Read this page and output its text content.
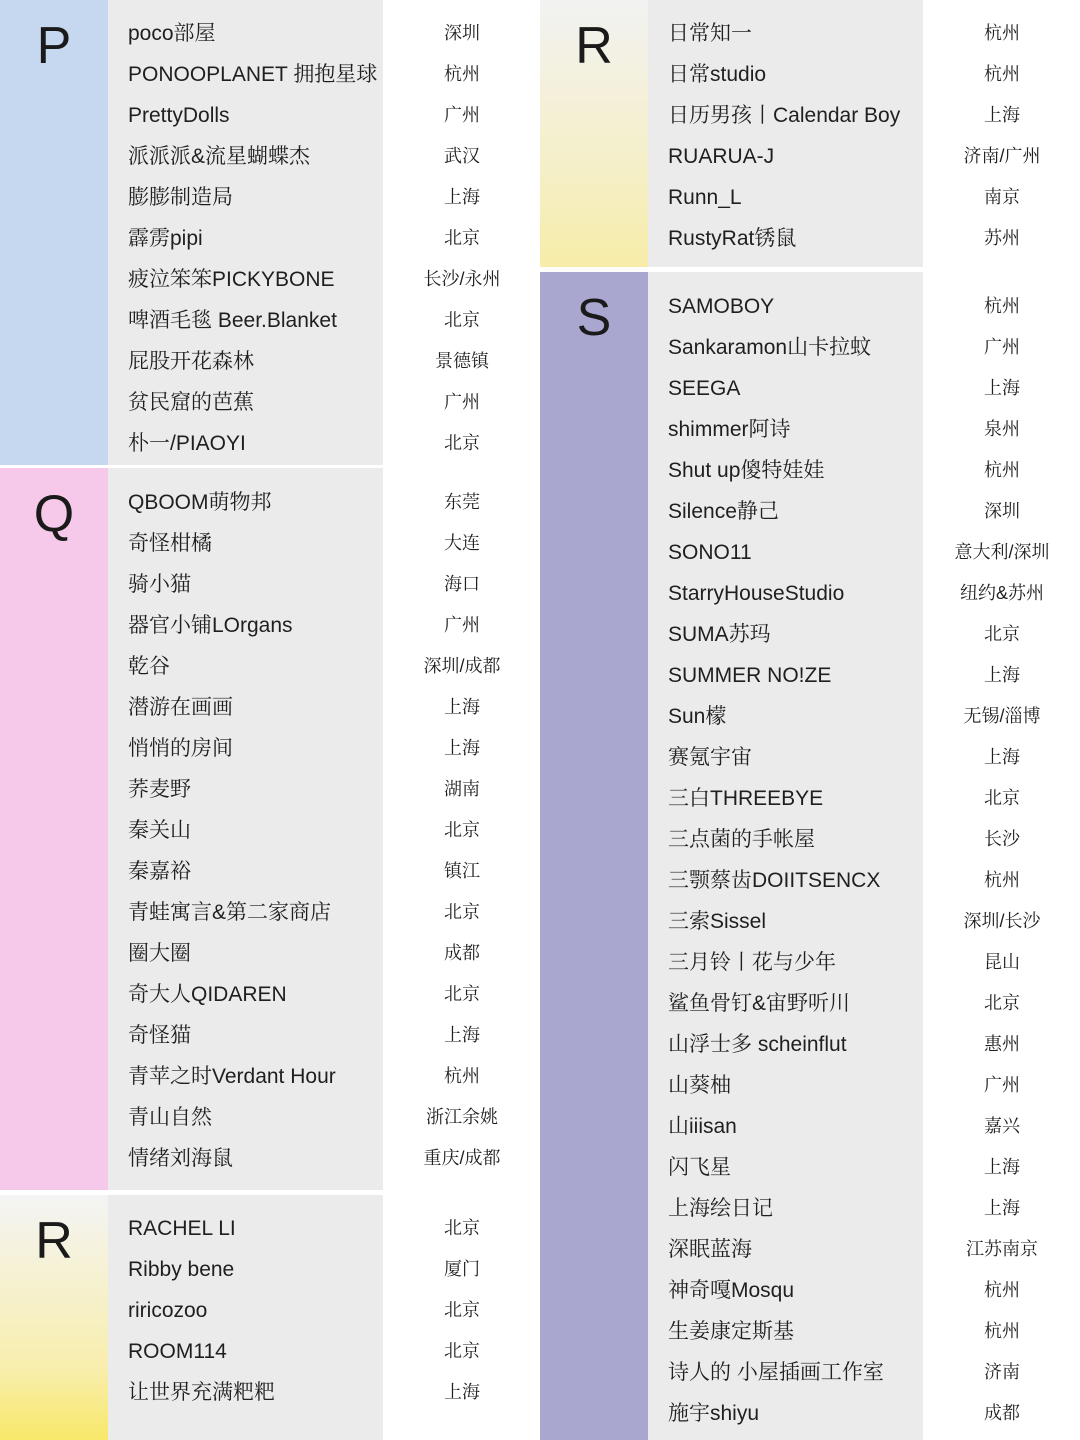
P	poco部屋	深圳
PONOOPLANET 拥抱星球	杭州
PrettyDolls	广州
派派派&流星蝴蝶杰	武汉
膨膨制造局	上海
霹雳pipi	北京
疲泣笨笨PICKYBONE	长沙/永州
啤酒毛毯 Beer.Blanket	北京
屁股开花森林	景德镇
贫民窟的芭蕉	广州
朴一/PIAOYI	北京
Q	QBOOM萌物邦	东莞
奇怪柑橘	大连
骑小猫	海口
器官小铺LOrgans	广州
乾谷	深圳/成都
潜游在画画	上海
悄悄的房间	上海
荞麦野	湖南
秦关山	北京
秦嘉裕	镇江
青蛙寓言&第二家商店	北京
圈大圈	成都
奇大人QIDAREN	北京
奇怪猫	上海
青苹之时Verdant Hour	杭州
青山自然	浙江余姚
情绪刘海鼠	重庆/成都
R	RACHEL LI	北京
Ribby bene	厦门
riricozoo	北京
ROOM114	北京
让世界充满粑粑	上海
R	日常知一	杭州
日常studio	杭州
日历男孩丨Calendar Boy	上海
RUARUA-J	济南/广州
Runn_L	南京
RustyRat锈鼠	苏州
S	SAMOBOY	杭州
Sankaramon山卡拉蚊	广州
SEEGA	上海
shimmer阿诗	泉州
Shut up傻特娃娃	杭州
Silence静己	深圳
SONO11	意大利/深圳
StarryHouseStudio	纽约&苏州
SUMA苏玛	北京
SUMMER NO!ZE	上海
Sun檬	无锡/淄博
赛氪宇宙	上海
三白THREEBYE	北京
三点菌的手帐屋	长沙
三颚蔡齿DOIITSENCX	杭州
三索Sissel	深圳/长沙
三月铃丨花与少年	昆山
鲨鱼骨钉&宙野听川	北京
山浮士多 scheinflut	惠州
山葵柚	广州
山iiisan	嘉兴
闪飞星	上海
上海绘日记	上海
深眠蓝海	江苏南京
神奇嘎Mosqu	杭州
生姜康定斯基	杭州
诗人的 小屋插画工作室	济南
施宇shiyu	成都
